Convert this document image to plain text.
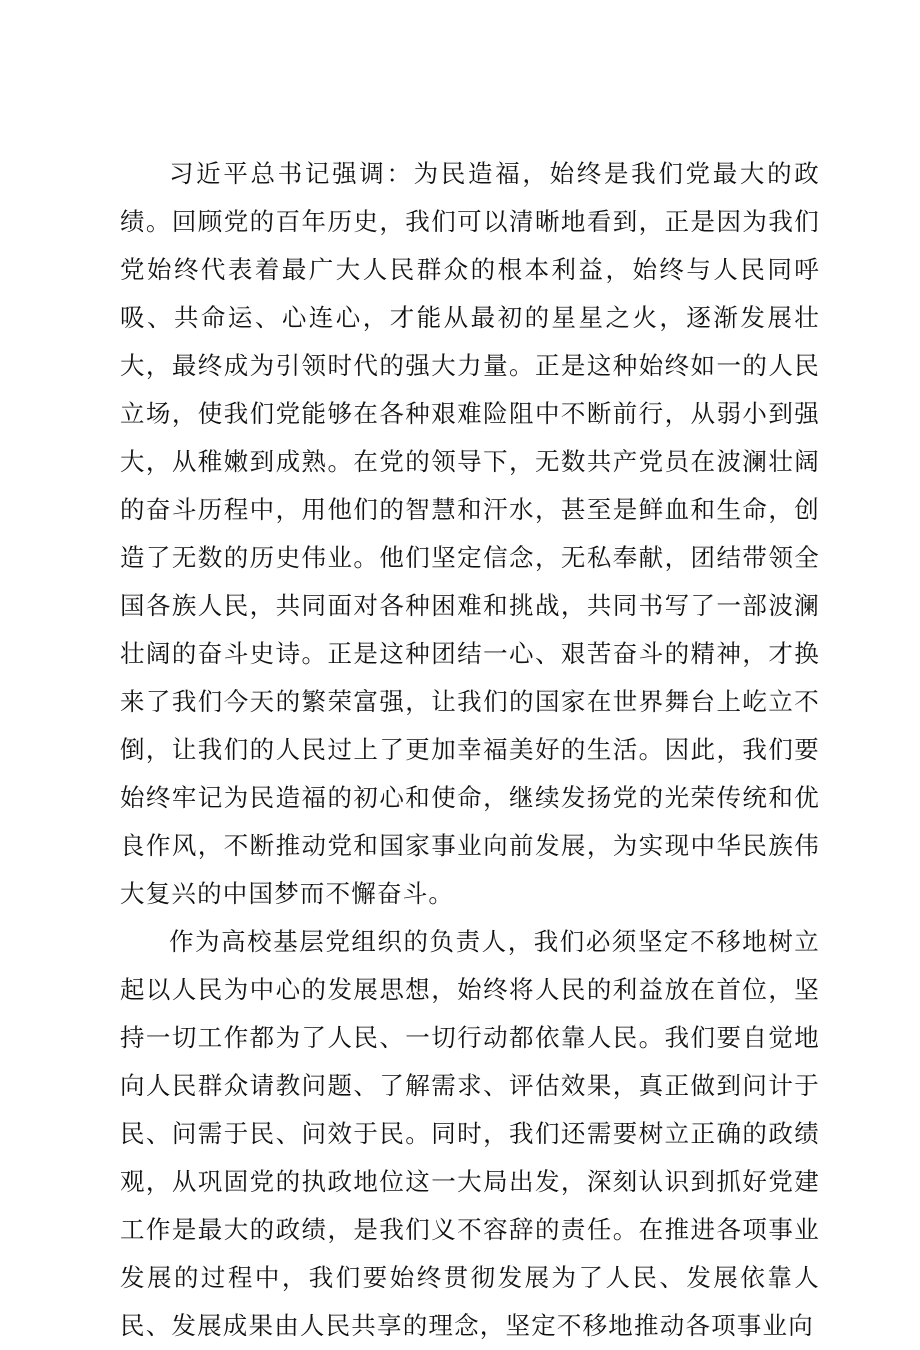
习近平总书记强调：为民造福，始终是我们党最大的政绩。回顾党的百年历史，我们可以清晰地看到，正是因为我们党始终代表着最广大人民群众的根本利益，始终与人民同呼吸、共命运、心连心，才能从最初的星星之火，逐渐发展壮大，最终成为引领时代的强大力量。正是这种始终如一的人民立场，使我们党能够在各种艰难险阻中不断前行，从弱小到强大，从稚嫩到成熟。在党的领导下，无数共产党员在波澜壮阔的奋斗历程中，用他们的智慧和汗水，甚至是鲜血和生命，创造了无数的历史伟业。他们坚定信念，无私奉献，团结带领全国各族人民，共同面对各种困难和挑战，共同书写了一部波澜壮阔的奋斗史诗。正是这种团结一心、艰苦奋斗的精神，才换来了我们今天的繁荣富强，让我们的国家在世界舞台上屹立不倒，让我们的人民过上了更加幸福美好的生活。因此，我们要始终牢记为民造福的初心和使命，继续发扬党的光荣传统和优良作风，不断推动党和国家事业向前发展，为实现中华民族伟大复兴的中国梦而不懈奋斗。

作为高校基层党组织的负责人，我们必须坚定不移地树立起以人民为中心的发展思想，始终将人民的利益放在首位，坚持一切工作都为了人民、一切行动都依靠人民。我们要自觉地向人民群众请教问题、了解需求、评估效果，真正做到问计于民、问需于民、问效于民。同时，我们还需要树立正确的政绩观，从巩固党的执政地位这一大局出发，深刻认识到抓好党建工作是最大的政绩，是我们义不容辞的责任。在推进各项事业发展的过程中，我们要始终贯彻发展为了人民、发展依靠人民、发展成果由人民共享的理念，坚定不移地推动各项事业向
